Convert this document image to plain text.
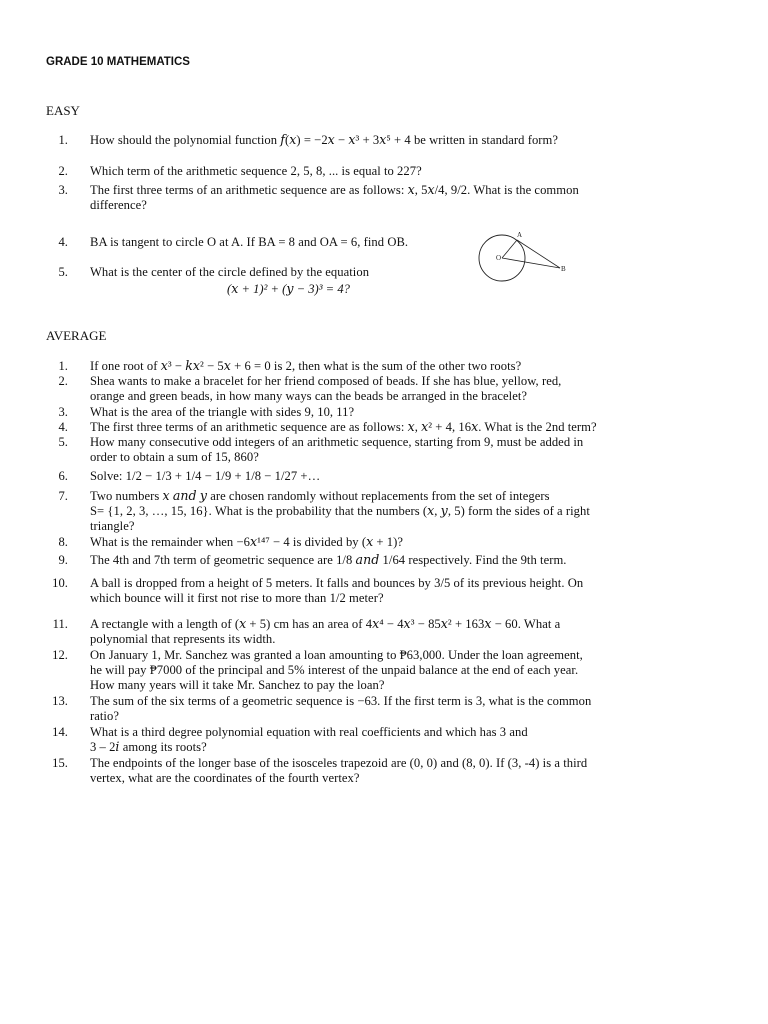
GRADE 10 MATHEMATICS
EASY
1. How should the polynomial function 𝑓(𝑥) = −2𝑥 − 𝑥³ + 3𝑥⁵ + 4 be written in standard form?
2. Which term of the arithmetic sequence 2, 5, 8, ... is equal to 227?
3. The first three terms of an arithmetic sequence are as follows: 𝑥, 5𝑥/4, 9/2. What is the common
difference?
4. BA is tangent to circle O at A. If BA = 8 and OA = 6, find OB.
5. What is the center of the circle defined by the equation
(𝑥 + 1)² + (𝑦 − 3)³ = 4?
O
A
B
AVERAGE
1. If one root of 𝑥³ − 𝑘𝑥² − 5𝑥 + 6 = 0 is 2, then what is the sum of the other two roots?
2. Shea wants to make a bracelet for her friend composed of beads. If she has blue, yellow, red,
orange and green beads, in how many ways can the beads be arranged in the bracelet?
3. What is the area of the triangle with sides 9, 10, 11?
4. The first three terms of an arithmetic sequence are as follows: 𝑥, 𝑥² + 4, 16𝑥. What is the 2nd term?
5. How many consecutive odd integers of an arithmetic sequence, starting from 9, must be added in
order to obtain a sum of 15, 860?
6. Solve: 1/2 − 1/3 + 1/4 − 1/9 + 1/8 − 1/27 +…
7. Two numbers 𝑥 𝑎𝑛𝑑 𝑦 are chosen randomly without replacements from the set of integers
S= {1, 2, 3, …, 15, 16}. What is the probability that the numbers (𝑥, 𝑦, 5) form the sides of a right
triangle?
8. What is the remainder when −6𝑥¹⁴⁷ − 4 is divided by (𝑥 + 1)?
9. The 4th and 7th term of geometric sequence are 1/8 𝑎𝑛𝑑 1/64 respectively. Find the 9th term.
10. A ball is dropped from a height of 5 meters. It falls and bounces by 3/5 of its previous height. On
which bounce will it first not rise to more than 1/2 meter?
11. A rectangle with a length of (𝑥 + 5) cm has an area of 4𝑥⁴ − 4𝑥³ − 85𝑥² + 163𝑥 − 60. What a
polynomial that represents its width.
12. On January 1, Mr. Sanchez was granted a loan amounting to ₱63,000. Under the loan agreement,
he will pay ₱7000 of the principal and 5% interest of the unpaid balance at the end of each year.
How many years will it take Mr. Sanchez to pay the loan?
13. The sum of the six terms of a geometric sequence is −63. If the first term is 3, what is the common
ratio?
14. What is a third degree polynomial equation with real coefficients and which has 3 and
3 – 2𝑖 among its roots?
15. The endpoints of the longer base of the isosceles trapezoid are (0, 0) and (8, 0). If (3, -4) is a third
vertex, what are the coordinates of the fourth vertex?
